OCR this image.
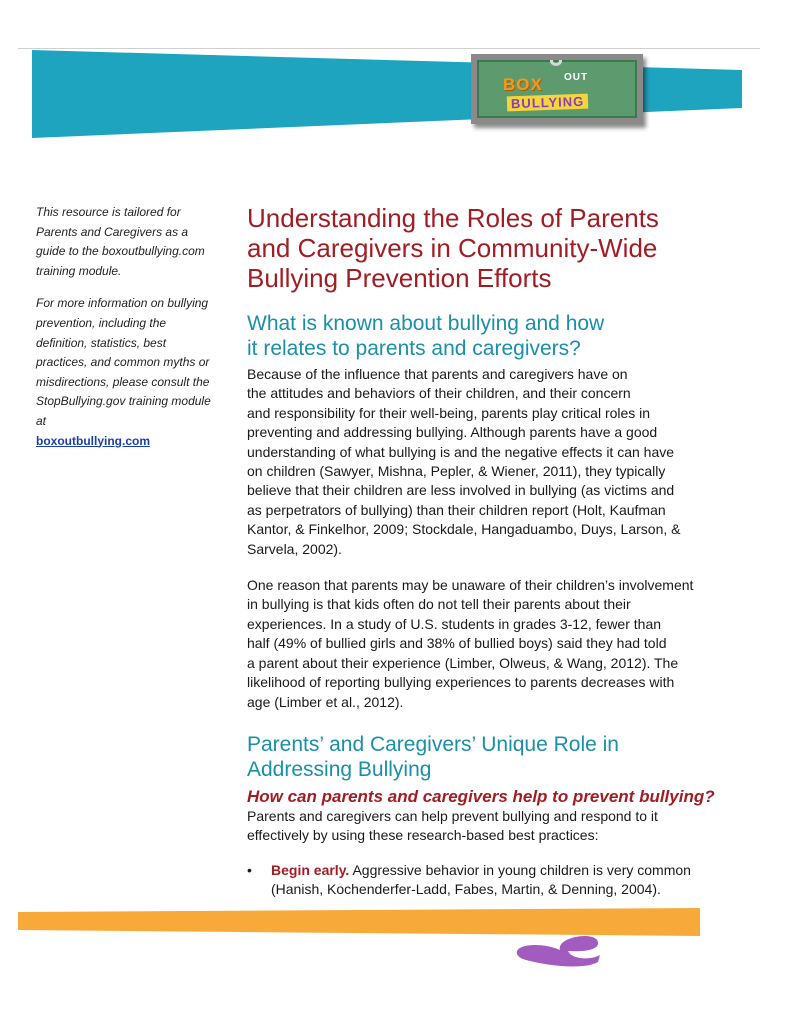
BOX OUT
BULLYING

This resource is tailored for Parents and Caregivers as a guide to the boxoutbullying.com training module.

For more information on bullying prevention, including the definition, statistics, best practices, and common myths or misdirections, please consult the StopBullying.gov training module at
boxoutbullying.com

Understanding the Roles of Parents
and Caregivers in Community-Wide
Bullying Prevention Efforts
What is known about bullying and how
it relates to parents and caregivers?

Because of the influence that parents and caregivers have on
the attitudes and behaviors of their children, and their concern
and responsibility for their well-being, parents play critical roles in
preventing and addressing bullying. Although parents have a good
understanding of what bullying is and the negative effects it can have
on children (Sawyer, Mishna, Pepler, & Wiener, 2011), they typically
believe that their children are less involved in bullying (as victims and
as perpetrators of bullying) than their children report (Holt, Kaufman
Kantor, & Finkelhor, 2009; Stockdale, Hangaduambo, Duys, Larson, &
Sarvela, 2002).

One reason that parents may be unaware of their children’s involvement
in bullying is that kids often do not tell their parents about their
experiences. In a study of U.S. students in grades 3-12, fewer than
half (49% of bullied girls and 38% of bullied boys) said they had told
a parent about their experience (Limber, Olweus, & Wang, 2012). The
likelihood of reporting bullying experiences to parents decreases with
age (Limber et al., 2012).

Parents’ and Caregivers’ Unique Role in
Addressing Bullying
How can parents and caregivers help to prevent bullying?

Parents and caregivers can help prevent bullying and respond to it
effectively by using these research-based best practices:

• Begin early. Aggressive behavior in young children is very common
(Hanish, Kochenderfer-Ladd, Fabes, Martin, & Denning, 2004).
